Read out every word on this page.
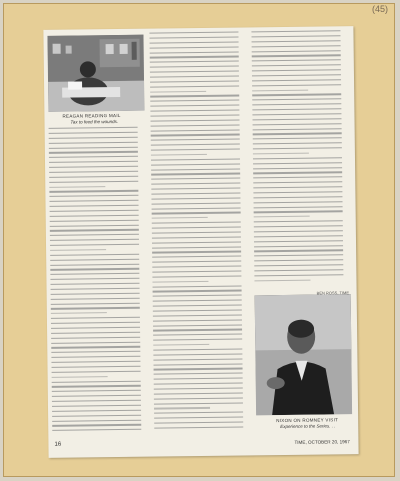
(45)
REAGAN READING MAIL
Tax to feed the wounds.
BEN ROSS, TIME
NIXON ON ROMNEY VISIT
Experience to the Series. . .
16	TIME, OCTOBER 20, 1967
